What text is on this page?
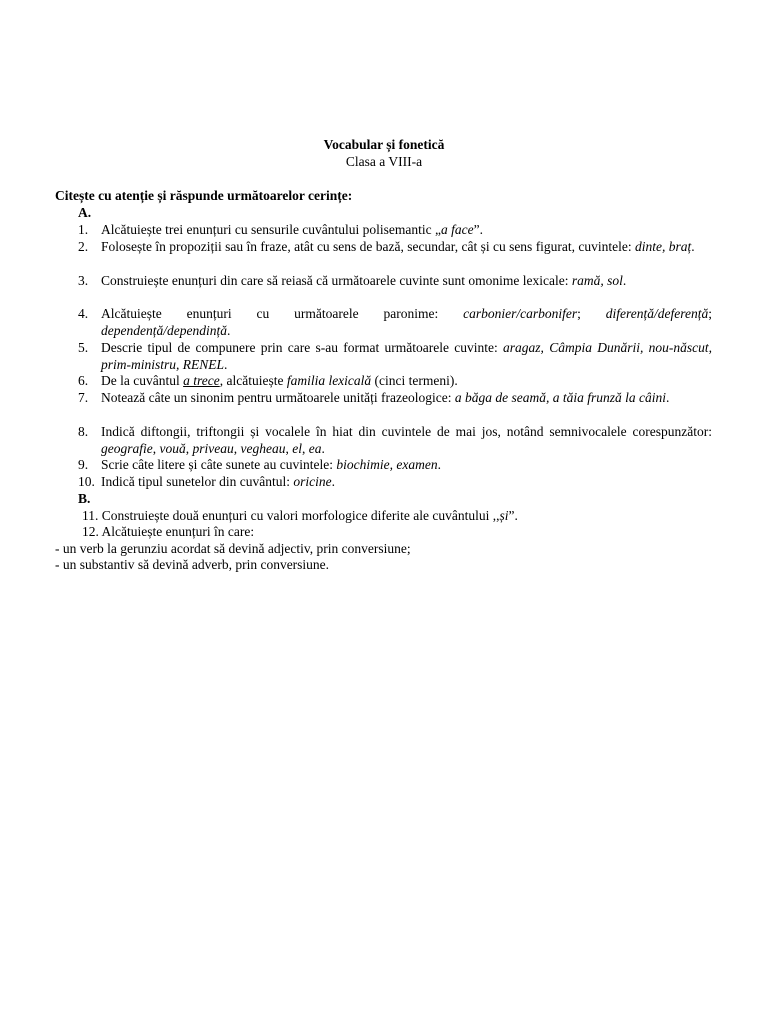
Vocabular și fonetică
Clasa a VIII-a
Citește cu atenție și răspunde următoarelor cerințe:
A.
1. Alcătuiește trei enunțuri cu sensurile cuvântului polisemantic „a face”.
2. Folosește în propoziții sau în fraze, atât cu sens de bază, secundar, cât și cu sens figurat, cuvintele: dinte, braț.
3. Construiește enunțuri din care să reiasă că următoarele cuvinte sunt omonime lexicale: ramă, sol.
4. Alcătuiește enunțuri cu următoarele paronime: carbonier/carbonifer; diferență/deferență; dependență/dependință.
5. Descrie tipul de compunere prin care s-au format următoarele cuvinte: aragaz, Câmpia Dunării, nou-născut, prim-ministru, RENEL.
6. De la cuvântul a trece, alcătuiește familia lexicală (cinci termeni).
7. Notează câte un sinonim pentru următoarele unități frazeologice: a băga de seamă, a tăia frunză la câini.
8. Indică diftongii, triftongii și vocalele în hiat din cuvintele de mai jos, notând semnivocalele corespunzător: geografie, vouă, priveau, vegheau, el, ea.
9. Scrie câte litere și câte sunete au cuvintele: biochimie, examen.
10. Indică tipul sunetelor din cuvântul: oricine.
B.
11. Construiește două enunțuri cu valori morfologice diferite ale cuvântului ,,și”.
12. Alcătuiește enunțuri în care:
- un verb la gerunziu acordat să devină adjectiv, prin conversiune;
- un substantiv să devină adverb, prin conversiune.
